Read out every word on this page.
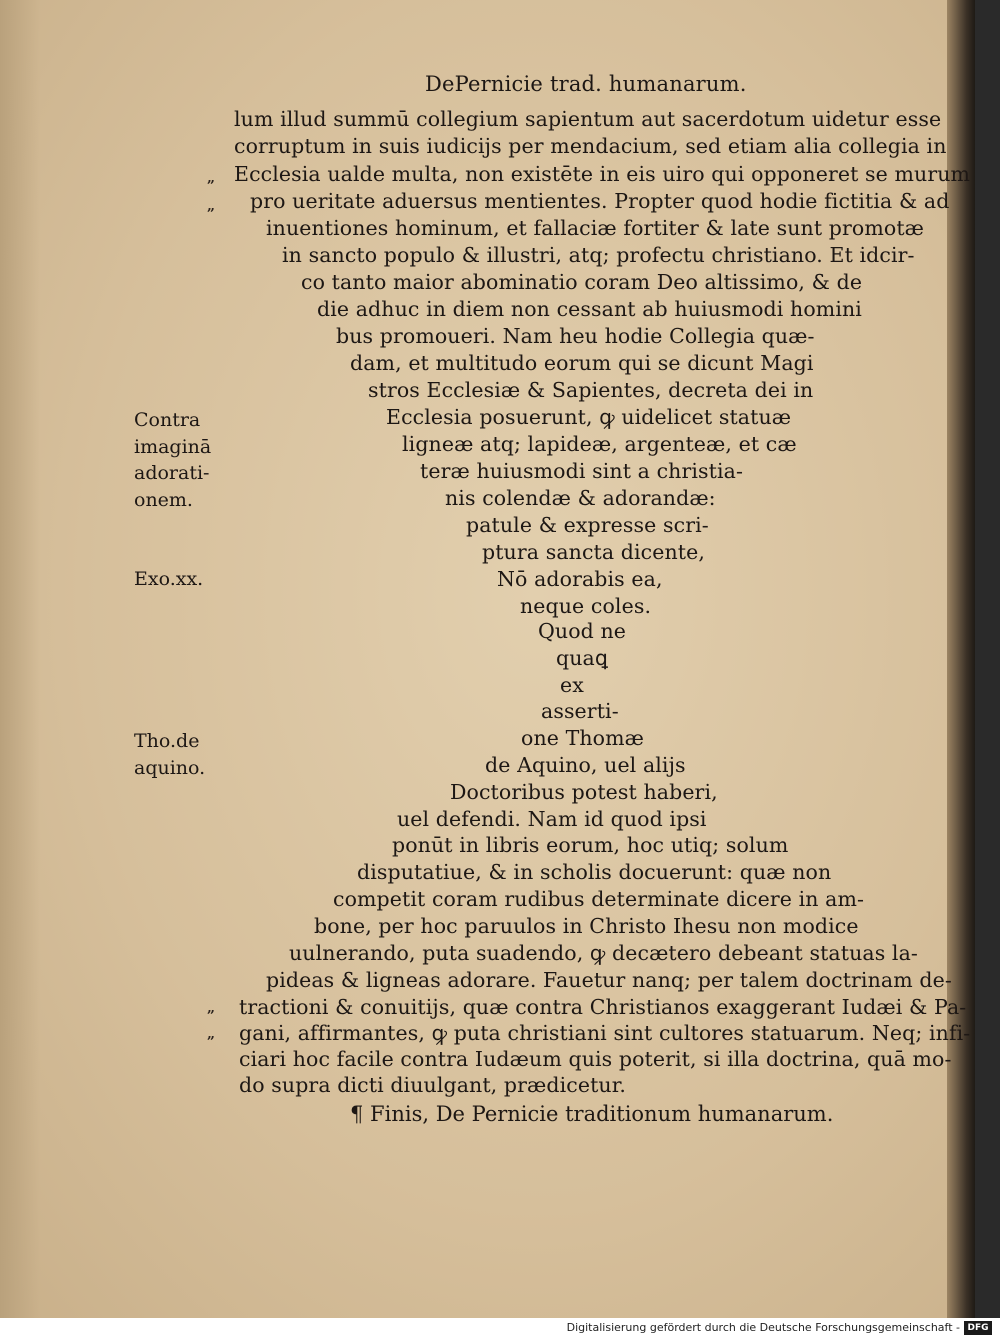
DePernicie trad. humanarum.
lum illud summū collegium sapientum aut sacerdotum uidetur esse
corruptum in suis iudicijs per mendacium, sed etiam alia collegia in
Ecclesia ualde multa, non existēte in eis uiro qui opponeret se murum
pro ueritate aduersus mentientes. Propter quod hodie fictitia & ad
inuentiones hominum, et fallaciæ fortiter & late sunt promotæ
in sancto populo & illustri, atq; profectu christiano. Et idcir-
co tanto maior abominatio coram Deo altissimo, & de
die adhuc in diem non cessant ab huiusmodi homini
bus promoueri. Nam heu hodie Collegia quæ-
dam, et multitudo eorum qui se dicunt Magi
stros Ecclesiæ & Sapientes, decreta dei in
Ecclesia posuerunt, ꝙ uidelicet statuæ
ligneæ atq; lapideæ, argenteæ, et cæ
teræ huiusmodi sint a christia-
nis colendæ & adorandæ:
patule & expresse scri-
ptura sancta dicente,
Nō adorabis ea,
neque coles.
Quod ne
quaꝗ
ex
asserti-
one Thomæ
de Aquino, uel alijs
Doctoribus potest haberi,
uel defendi. Nam id quod ipsi
ponūt in libris eorum, hoc utiq; solum
disputatiue, & in scholis docuerunt: quæ non
competit coram rudibus determinate dicere in am-
bone, per hoc paruulos in Christo Ihesu non modice
uulnerando, puta suadendo, ꝙ decætero debeant statuas la-
pideas & ligneas adorare. Fauetur nanq; per talem doctrinam de-
tractioni & conuitijs, quæ contra Christianos exaggerant Iudæi & Pa-
gani, affirmantes, ꝙ puta christiani sint cultores statuarum. Neq; infi-
ciari hoc facile contra Iudæum quis poterit, si illa doctrina, quā mo-
do supra dicti diuulgant, prædicetur.
„
„
„
„
Contra
imaginā
adorati-
onem.
Exo.xx.
Tho.de
aquino.
¶ Finis, De Pernicie traditionum humanarum.
Digitalisierung gefördert durch die Deutsche Forschungsgemeinschaft - DFG
